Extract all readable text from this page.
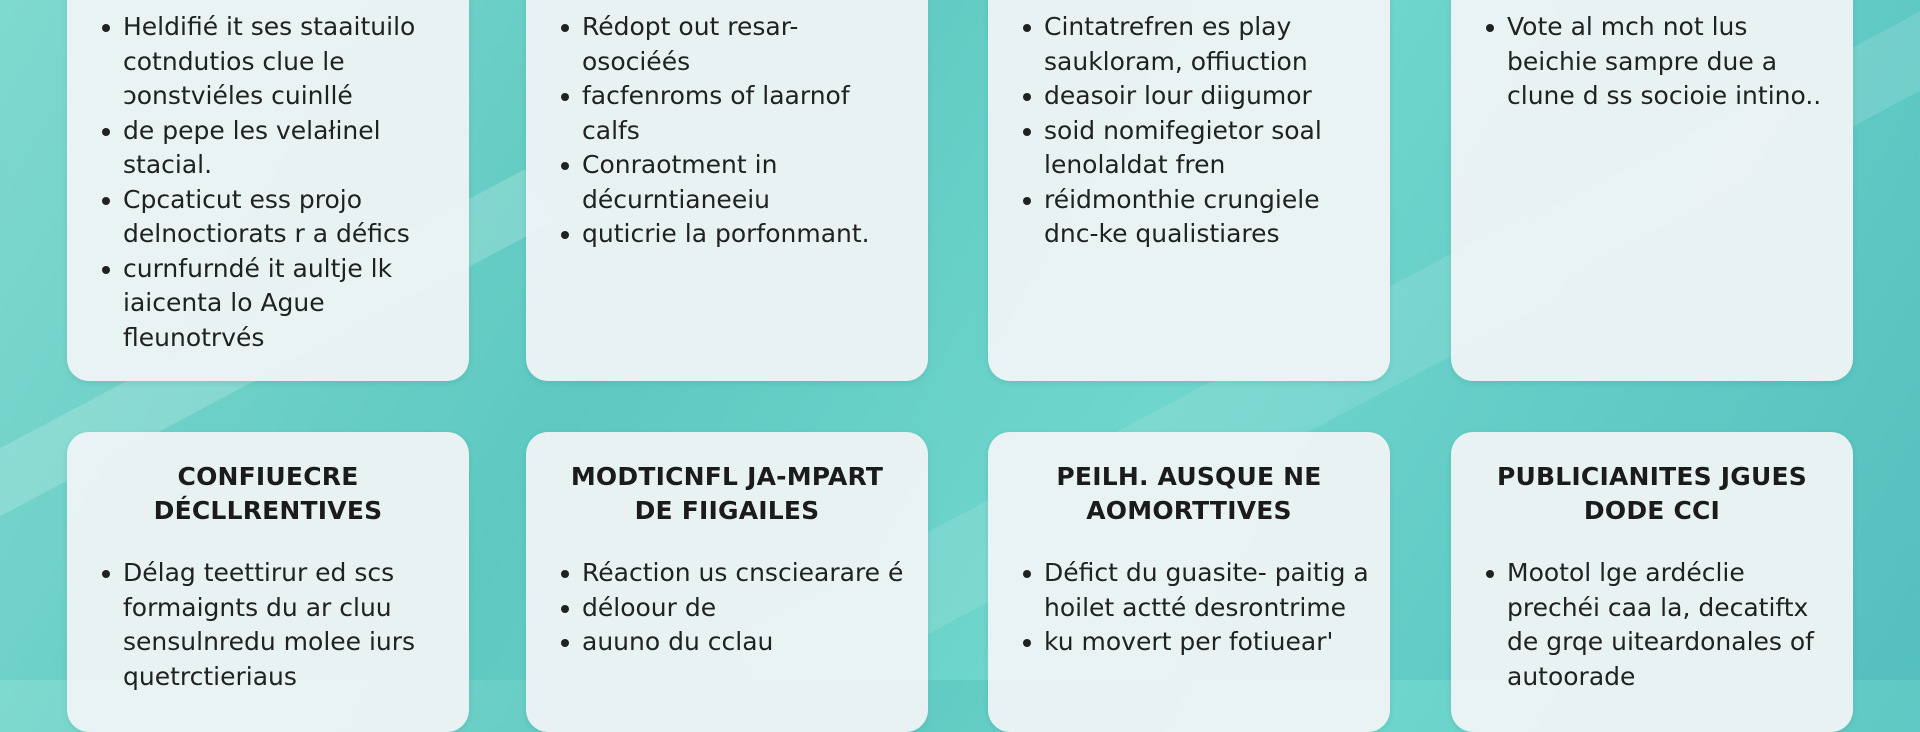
Heldifié it ses staaituilo cotndutios clue le ɔonstviéles cuinllé
de pepe les velałinel stacial.
Cpcaticut ess projo delnoctiorats r a défics
curnfurndé it aultje lk iaicenta lo Ague fleunotrvés
Rédopt out resar- osociéés
facfenroms of laarnof calfs
Conraotment in décurntianeeiu
quticrie la porfonmant.
Cintatrefren es play saukloram, offiuction
deasoir lour diigumor
soid nomifegietor soal lenolaldat fren
réidmonthie crungiele dnc-ke qualistiares
Vote al mch not lus beichie sampre due a clune d ss socioie intino..
CONFIUECRE DÉCLLRENTIVES
Délag teettirur ed scs formaignts du ar cluu sensulnredu molee iurs quetrctieriaus
MODTICNFL JA-MPART DE FIIGAILES
Réaction us cnsciearare é
déloour de
auuno du cclau
PEILH. AUSQUE NE AOMORTTIVES
Défict du guasite- paitig a hoilet actté desrontrime
ku movert per fotiuear'
PUBLICIANITES JGUES DODE CCI
Mootol lge ardéclie prechéi caa la, decatiftx de grqe uiteardonales of autoorade
